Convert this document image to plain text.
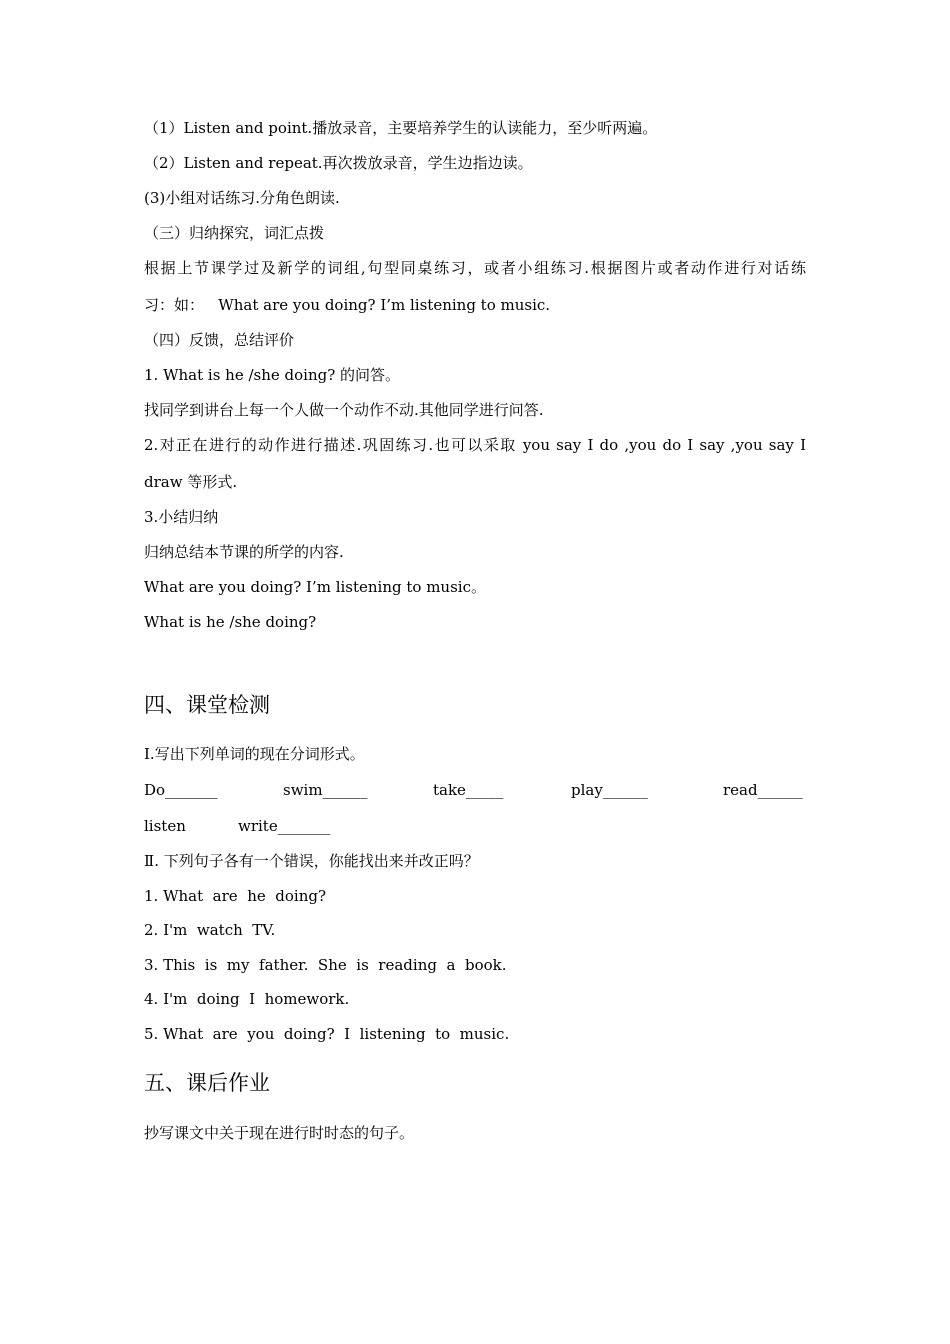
（1）Listen and point.播放录音，主要培养学生的认读能力，至少听两遍。
（2）Listen and repeat.再次拨放录音，学生边指边读。
(3)小组对话练习.分角色朗读.
（三）归纳探究，词汇点拨
根据上节课学过及新学的词组,句型同桌练习，或者小组练习.根据图片或者动作进行对话练
习：如：   What are you doing? I’m listening to music.
（四）反馈，总结评价
1. What is he /she doing? 的问答。
找同学到讲台上每一个人做一个动作不动.其他同学进行问答.
2.对正在进行的动作进行描述.巩固练习.也可以采取 you say I do ,you do I say ,you say I
draw 等形式.
3.小结归纳
归纳总结本节课的所学的内容.
What are you doing? I’m listening to music。
What is he /she doing?
四、课堂检测
Ⅰ.写出下列单词的现在分词形式。
Do_______	swim______	take_____	play______	read______
listen	write_______
Ⅱ. 下列句子各有一个错误，你能找出来并改正吗？
1. What  are  he  doing?
2. I'm  watch  TV.
3. This  is  my  father.  She  is  reading  a  book.
4. I'm  doing  I  homework.
5. What  are  you  doing?  I  listening  to  music.
五、课后作业
抄写课文中关于现在进行时时态的句子。
